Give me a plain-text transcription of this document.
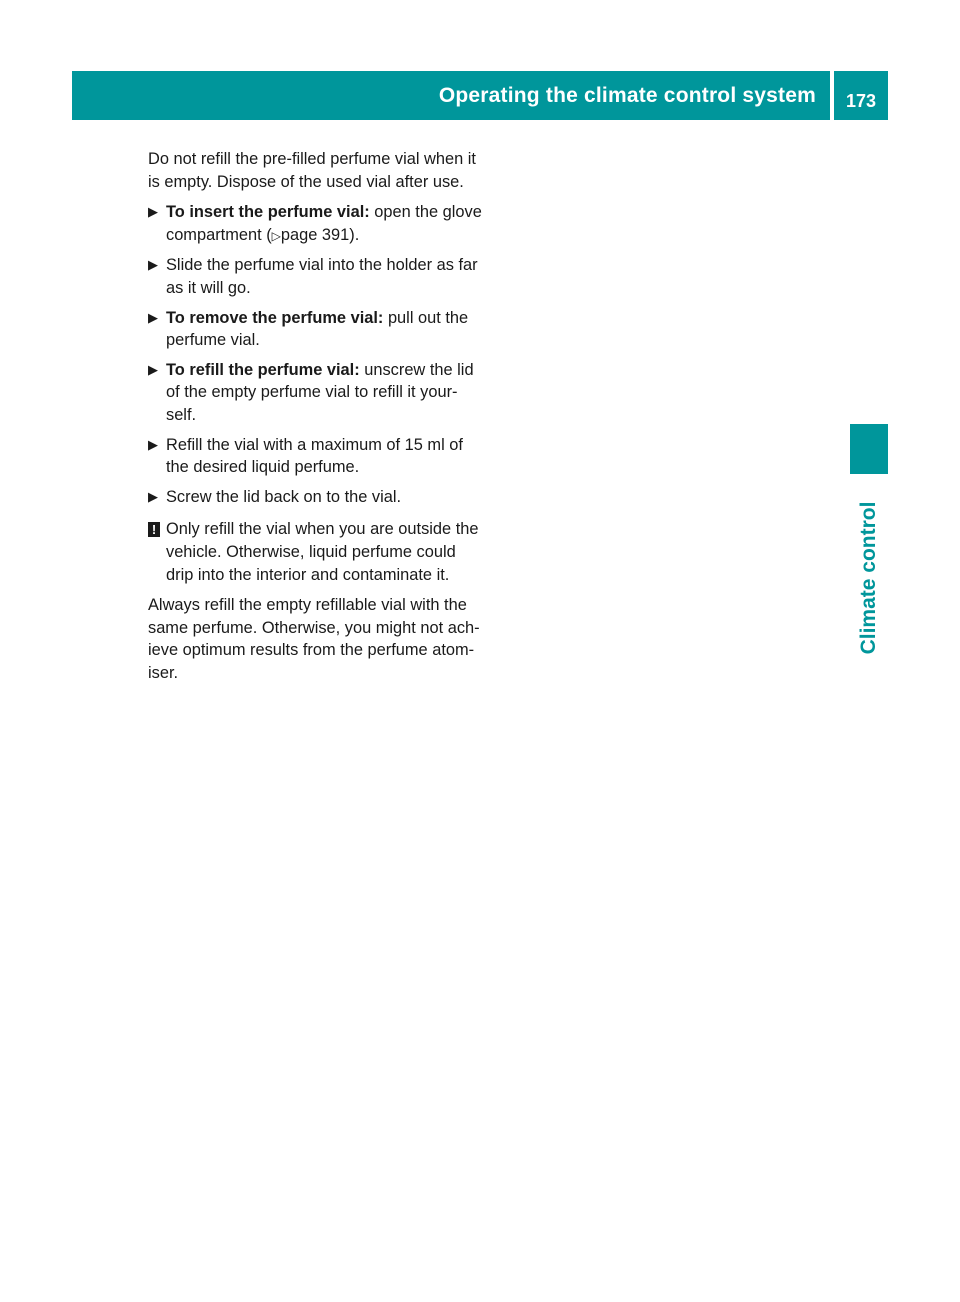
Operating the climate control system	173
Climate control

Do not refill the pre-filled perfume vial when it is empty. Dispose of the used vial after use.

▶ To insert the perfume vial: open the glove compartment (▷page 391).
▶ Slide the perfume vial into the holder as far as it will go.
▶ To remove the perfume vial: pull out the perfume vial.
▶ To refill the perfume vial: unscrew the lid of the empty perfume vial to refill it your-self.
▶ Refill the vial with a maximum of 15 ml of the desired liquid perfume.
▶ Screw the lid back on to the vial.
! Only refill the vial when you are outside the vehicle. Otherwise, liquid perfume could drip into the interior and contaminate it.

Always refill the empty refillable vial with the same perfume. Otherwise, you might not ach-ieve optimum results from the perfume atom-iser.
